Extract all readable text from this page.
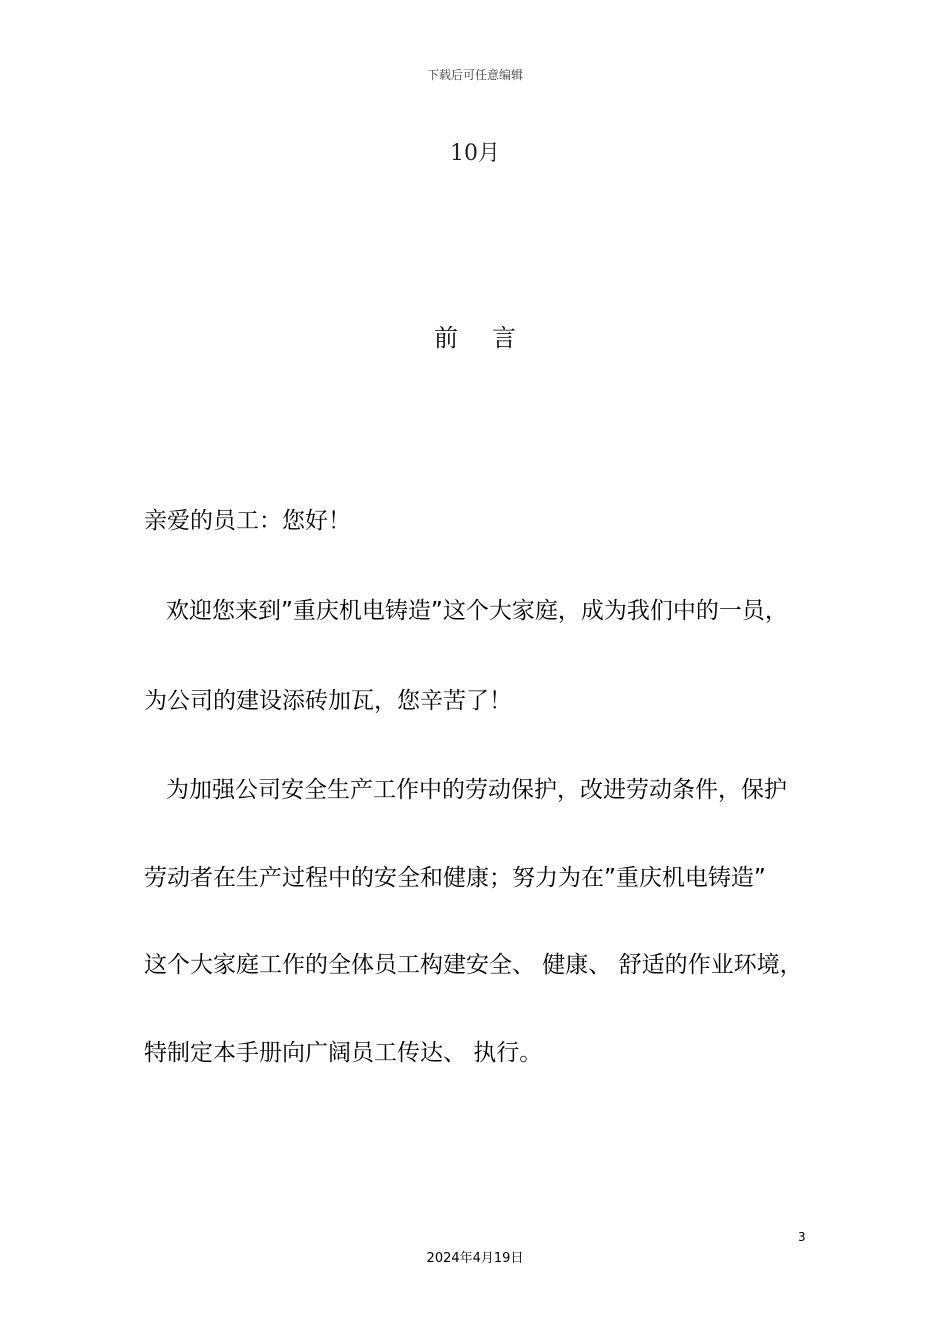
下载后可任意编辑
10月
前 言
亲爱的员工：您好！
欢迎您来到”重庆机电铸造”这个大家庭，成为我们中的一员，
为公司的建设添砖加瓦，您辛苦了！
为加强公司安全生产工作中的劳动保护，改进劳动条件，保护
劳动者在生产过程中的安全和健康；努力为在”重庆机电铸造”
这个大家庭工作的全体员工构建安全、 健康、 舒适的作业环境，
特制定本手册向广阔员工传达、 执行。
3
2024年4月19日
